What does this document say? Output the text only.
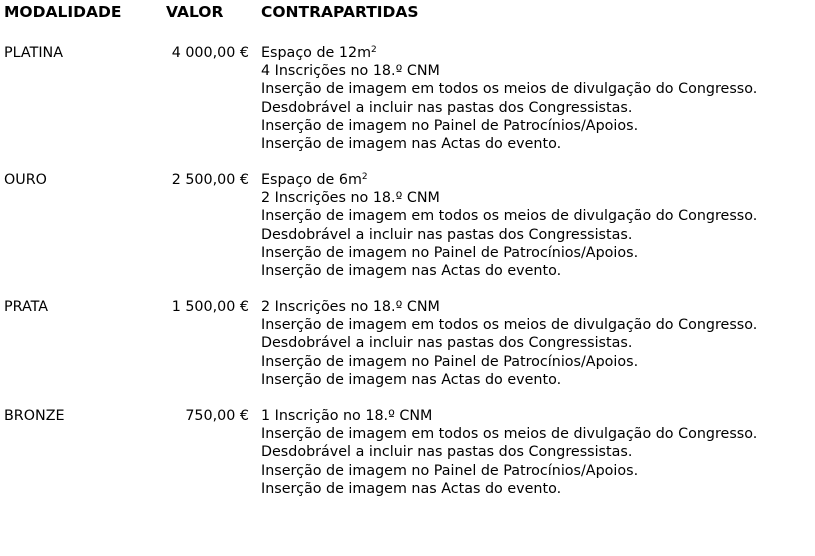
MODALIDADE	VALOR CONTRAPARTIDAS
PLATINA	4 000,00 € Espaço de $12m^2$
4 Inscrições no 18.º CNM
Inserção de imagem em todos os meios de divulgação do Congresso.
Desdobrável a incluir nas pastas dos Congressistas.
Inserção de imagem no Painel de Patrocínios/Apoios.
Inserção de imagem nas Actas do evento.
OURO	2 500,00 € Espaço de $6m^2$
2 Inscrições no 18.º CNM
Inserção de imagem em todos os meios de divulgação do Congresso.
Desdobrável a incluir nas pastas dos Congressistas.
Inserção de imagem no Painel de Patrocínios/Apoios.
Inserção de imagem nas Actas do evento.
PRATA	1 500,00 € 2 Inscrições no 18.º CNM
Inserção de imagem em todos os meios de divulgação do Congresso.
Desdobrável a incluir nas pastas dos Congressistas.
Inserção de imagem no Painel de Patrocínios/Apoios.
Inserção de imagem nas Actas do evento.
BRONZE	750,00 € 1 Inscrição no 18.º CNM
Inserção de imagem em todos os meios de divulgação do Congresso.
Desdobrável a incluir nas pastas dos Congressistas.
Inserção de imagem no Painel de Patrocínios/Apoios.
Inserção de imagem nas Actas do evento.
